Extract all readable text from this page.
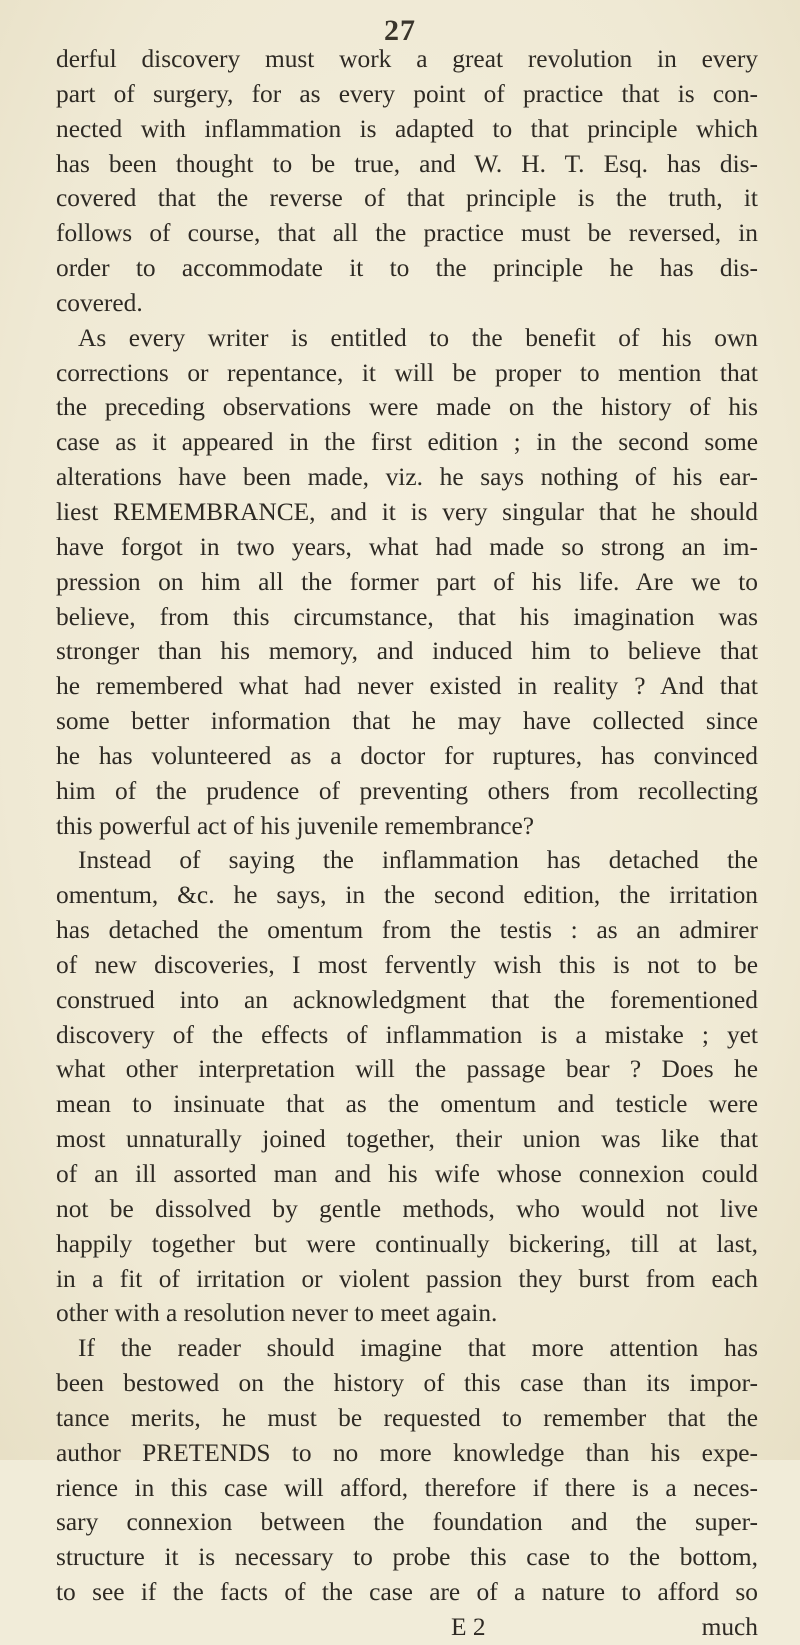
27
derful discovery must work a great revolution in every
part of surgery, for as every point of practice that is con-
nected with inflammation is adapted to that principle which
has been thought to be true, and W. H. T. Esq. has dis-
covered that the reverse of that principle is the truth, it
follows of course, that all the practice must be reversed, in
order to accommodate it to the principle he has dis-
covered.
As every writer is entitled to the benefit of his own
corrections or repentance, it will be proper to mention that
the preceding observations were made on the history of his
case as it appeared in the first edition ; in the second some
alterations have been made, viz. he says nothing of his ear-
liest REMEMBRANCE, and it is very singular that he should
have forgot in two years, what had made so strong an im-
pression on him all the former part of his life. Are we to
believe, from this circumstance, that his imagination was
stronger than his memory, and induced him to believe that
he remembered what had never existed in reality ? And that
some better information that he may have collected since
he has volunteered as a doctor for ruptures, has convinced
him of the prudence of preventing others from recollecting
this powerful act of his juvenile remembrance?
Instead of saying the inflammation has detached the
omentum, &c. he says, in the second edition, the irritation
has detached the omentum from the testis : as an admirer
of new discoveries, I most fervently wish this is not to be
construed into an acknowledgment that the forementioned
discovery of the effects of inflammation is a mistake ; yet
what other interpretation will the passage bear ? Does he
mean to insinuate that as the omentum and testicle were
most unnaturally joined together, their union was like that
of an ill assorted man and his wife whose connexion could
not be dissolved by gentle methods, who would not live
happily together but were continually bickering, till at last,
in a fit of irritation or violent passion they burst from each
other with a resolution never to meet again.
If the reader should imagine that more attention has
been bestowed on the history of this case than its impor-
tance merits, he must be requested to remember that the
author PRETENDS to no more knowledge than his expe-
rience in this case will afford, therefore if there is a neces-
sary connexion between the foundation and the super-
structure it is necessary to probe this case to the bottom,
to see if the facts of the case are of a nature to afford so
E 2	much
